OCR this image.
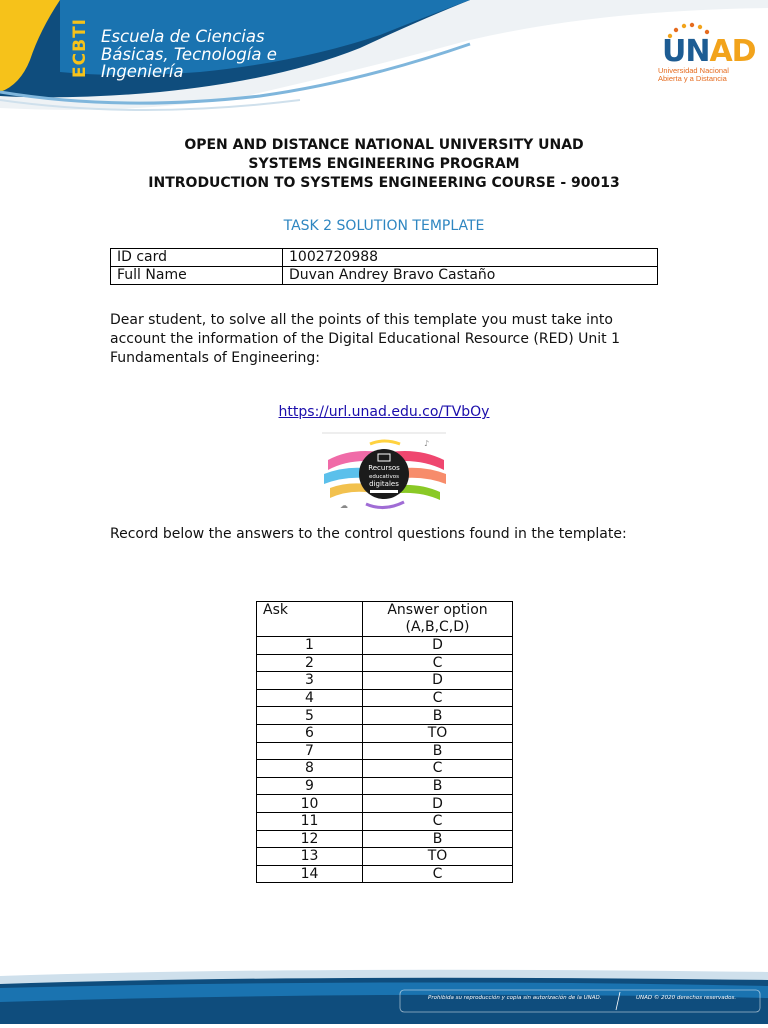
ECBTI Escuela de Ciencias
Básicas, Tecnología e
Ingeniería
UNAD
Universidad Nacional
Abierta y a Distancia
OPEN AND DISTANCE NATIONAL UNIVERSITY UNAD
SYSTEMS ENGINEERING PROGRAM
INTRODUCTION TO SYSTEMS ENGINEERING COURSE - 90013
TASK 2 SOLUTION TEMPLATE
ID card	1002720988
Full Name	Duvan Andrey Bravo Castaño
Dear student, to solve all the points of this template you must take into account the information of the Digital Educational Resource (RED) Unit 1 Fundamentals of Engineering:
https://url.unad.edu.co/TVbOy
Recursos
educativos
digitales
☁
♪
Record below the answers to the control questions found in the template:
Ask	Answer option
(A,B,C,D)

1	D
2	C
3	D
4	C
5	B
6	TO
7	B
8	C
9	B
10	D
11	C
12	B
13	TO
14	C
Prohibida su reproducción y copia sin autorización de la UNAD.	UNAD © 2020 derechos reservados.
